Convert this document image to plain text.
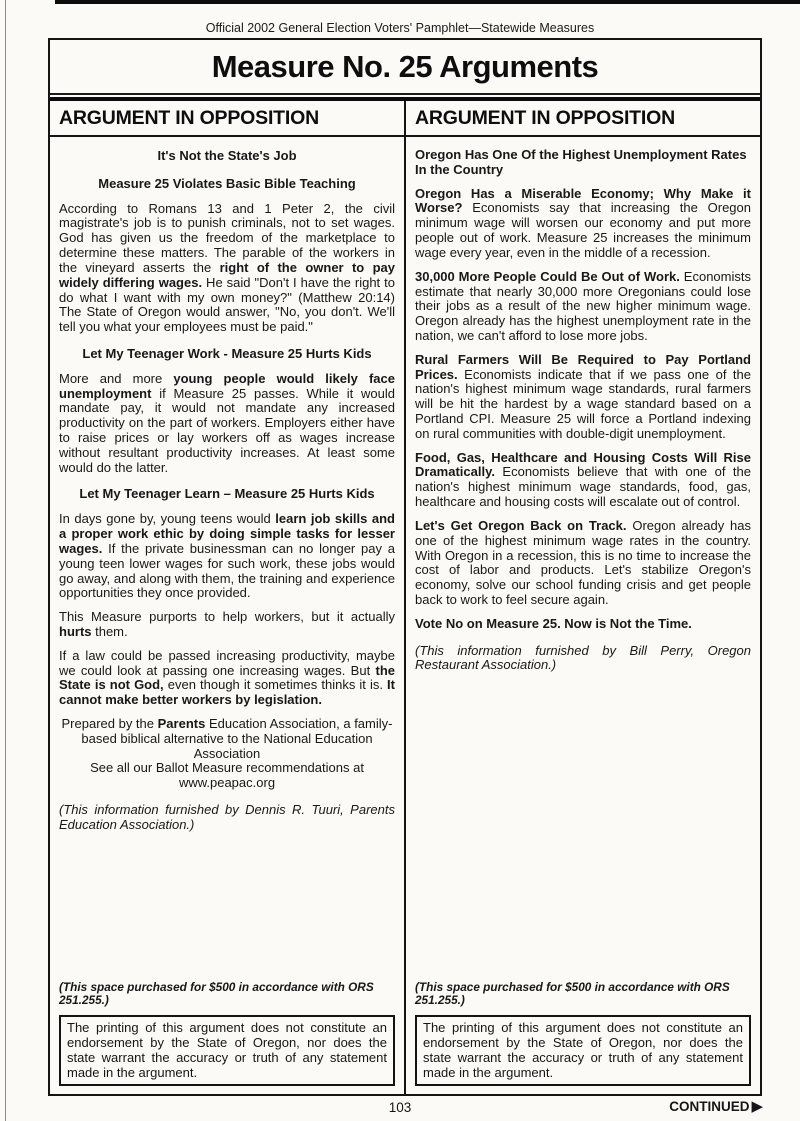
Official 2002 General Election Voters' Pamphlet—Statewide Measures
Measure No. 25 Arguments
ARGUMENT IN OPPOSITION

It's Not the State's Job

Measure 25 Violates Basic Bible Teaching

According to Romans 13 and 1 Peter 2, the civil magistrate's job is to punish criminals, not to set wages. God has given us the freedom of the marketplace to determine these matters. The parable of the workers in the vineyard asserts the right of the owner to pay widely differing wages. He said "Don't I have the right to do what I want with my own money?" (Matthew 20:14) The State of Oregon would answer, "No, you don't. We'll tell you what your employees must be paid."

Let My Teenager Work - Measure 25 Hurts Kids

More and more young people would likely face unemployment if Measure 25 passes. While it would mandate pay, it would not mandate any increased productivity on the part of workers. Employers either have to raise prices or lay workers off as wages increase without resultant productivity increases. At least some would do the latter.

Let My Teenager Learn – Measure 25 Hurts Kids

In days gone by, young teens would learn job skills and a proper work ethic by doing simple tasks for lesser wages. If the private businessman can no longer pay a young teen lower wages for such work, these jobs would go away, and along with them, the training and experience opportunities they once provided.

This Measure purports to help workers, but it actually hurts them.

If a law could be passed increasing productivity, maybe we could look at passing one increasing wages. But the State is not God, even though it sometimes thinks it is. It cannot make better workers by legislation.

Prepared by the Parents Education Association, a family-based biblical alternative to the National Education Association

See all our Ballot Measure recommendations at

www.peapac.org

(This information furnished by Dennis R. Tuuri, Parents Education Association.)

(This space purchased for $500 in accordance with ORS 251.255.)

The printing of this argument does not constitute an endorsement by the State of Oregon, nor does the state warrant the accuracy or truth of any statement made in the argument.
ARGUMENT IN OPPOSITION

Oregon Has One Of the Highest Unemployment Rates In the Country

Oregon Has a Miserable Economy; Why Make it Worse? Economists say that increasing the Oregon minimum wage will worsen our economy and put more people out of work. Measure 25 increases the minimum wage every year, even in the middle of a recession.

30,000 More People Could Be Out of Work. Economists estimate that nearly 30,000 more Oregonians could lose their jobs as a result of the new higher minimum wage. Oregon already has the highest unemployment rate in the nation, we can't afford to lose more jobs.

Rural Farmers Will Be Required to Pay Portland Prices. Economists indicate that if we pass one of the nation's highest minimum wage standards, rural farmers will be hit the hardest by a wage standard based on a Portland CPI. Measure 25 will force a Portland indexing on rural communities with double-digit unemployment.

Food, Gas, Healthcare and Housing Costs Will Rise Dramatically. Economists believe that with one of the nation's highest minimum wage standards, food, gas, healthcare and housing costs will escalate out of control.

Let's Get Oregon Back on Track. Oregon already has one of the highest minimum wage rates in the country. With Oregon in a recession, this is no time to increase the cost of labor and products. Let's stabilize Oregon's economy, solve our school funding crisis and get people back to work to feel secure again.

Vote No on Measure 25. Now is Not the Time.

(This information furnished by Bill Perry, Oregon Restaurant Association.)

(This space purchased for $500 in accordance with ORS 251.255.)

The printing of this argument does not constitute an endorsement by the State of Oregon, nor does the state warrant the accuracy or truth of any statement made in the argument.
103	CONTINUED ▶
